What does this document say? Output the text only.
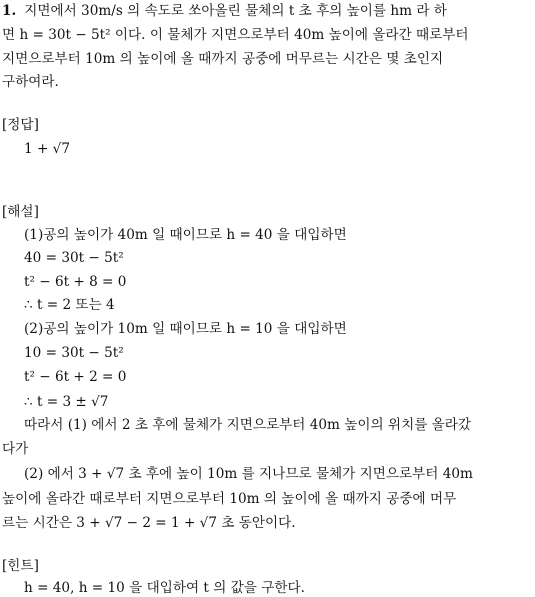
1. 지면에서 30m/s 의 속도로 쏘아올린 물체의 t 초 후의 높이를 hm 라 하
면 h = 30t − 5t² 이다. 이 물체가 지면으로부터 40m 높이에 올라간 때로부터
지면으로부터 10m 의 높이에 올 때까지 공중에 머무르는 시간은 몇 초인지
구하여라.
[정답]
1 + √7
[해설]
(1)공의 높이가 40m 일 때이므로 h = 40 을 대입하면
40 = 30t − 5t²
t² − 6t + 8 = 0
∴ t = 2 또는 4
(2)공의 높이가 10m 일 때이므로 h = 10 을 대입하면
10 = 30t − 5t²
t² − 6t + 2 = 0
∴ t = 3 ± √7
따라서 (1) 에서 2 초 후에 물체가 지면으로부터 40m 높이의 위치를 올라갔
다가
(2) 에서 3 + √7 초 후에 높이 10m 를 지나므로 물체가 지면으로부터 40m
높이에 올라간 때로부터 지면으로부터 10m 의 높이에 올 때까지 공중에 머무
르는 시간은 3 + √7 − 2 = 1 + √7 초 동안이다.
[힌트]
h = 40, h = 10 을 대입하여 t 의 값을 구한다.
